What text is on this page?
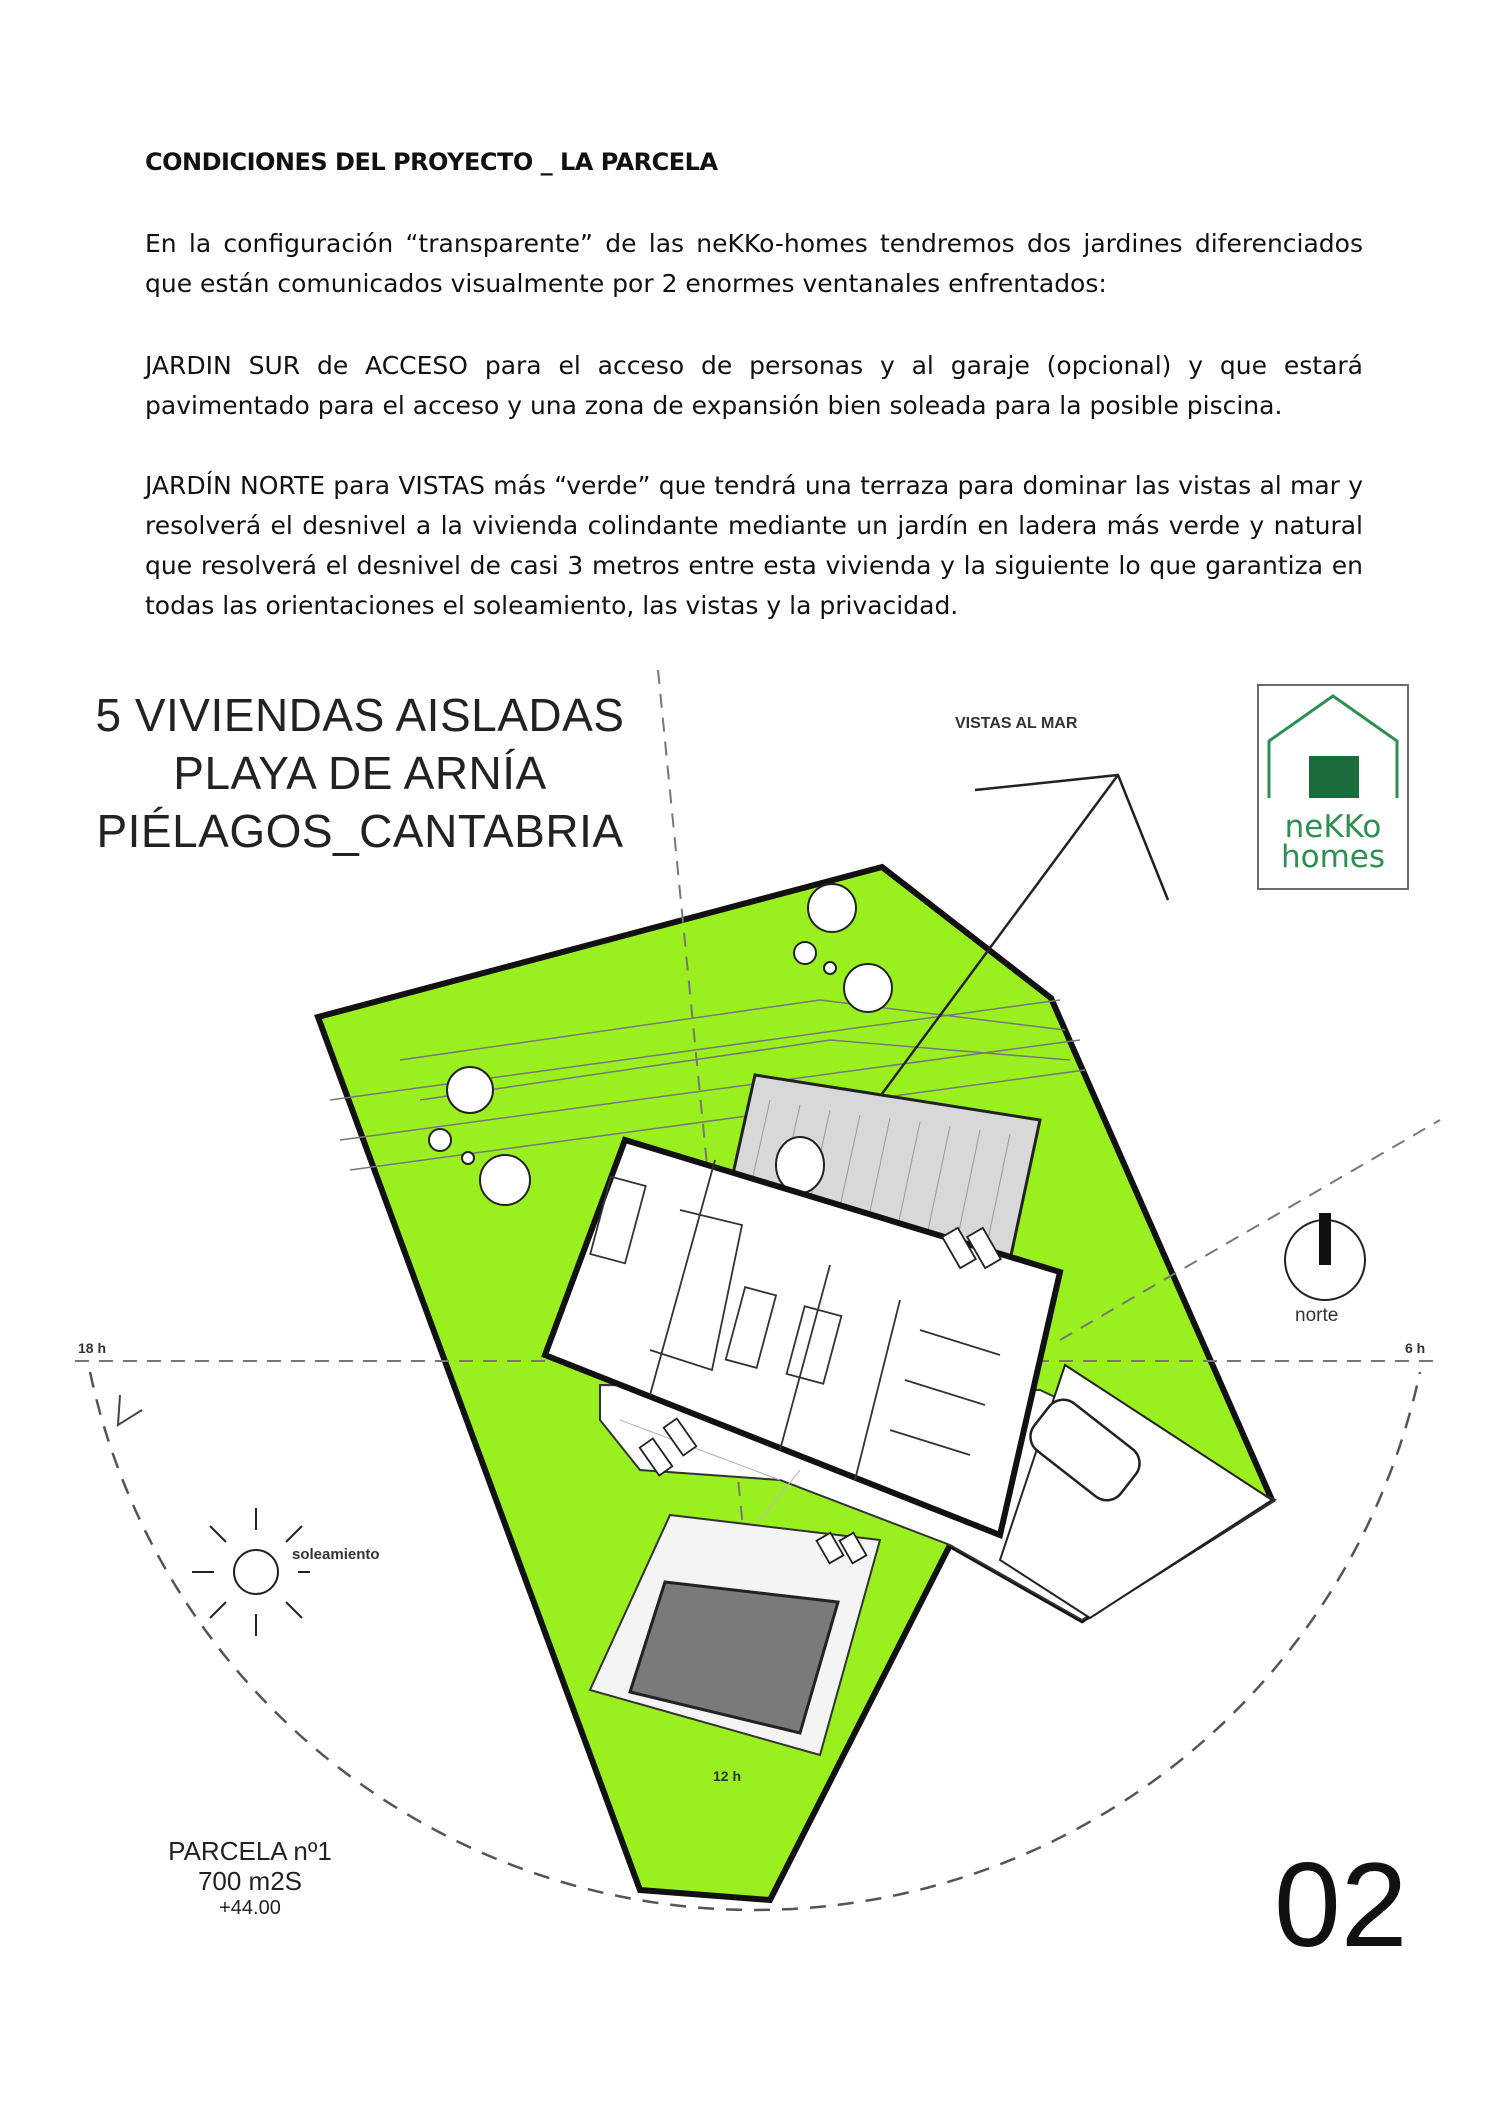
CONDICIONES DEL PROYECTO _ LA PARCELA

En la configuración “transparente” de las neKKo-homes tendremos dos jardines diferenciados que están comunicados visualmente por 2 enormes ventanales enfrentados:

JARDIN SUR de ACCESO para el acceso de personas y al garaje (opcional) y que estará pavimentado para el acceso y una zona de expansión bien soleada para la posible piscina.

JARDÍN NORTE para VISTAS más “verde” que tendrá una terraza para dominar las vistas al mar y resolverá el desnivel a la vivienda colindante mediante un jardín en ladera más verde y natural que resolverá el desnivel de casi 3 metros entre esta vivienda y la siguiente lo que garantiza en todas las orientaciones el soleamiento, las vistas y la privacidad.

5 VIVIENDAS AISLADAS
PLAYA DE ARNÍA
PIÉLAGOS_CANTABRIA
VISTAS AL MAR
neKKo
homes
norte
soleamiento
18 h	6 h
12 h
PARCELA nº1
700 m2S
+44.00	02
